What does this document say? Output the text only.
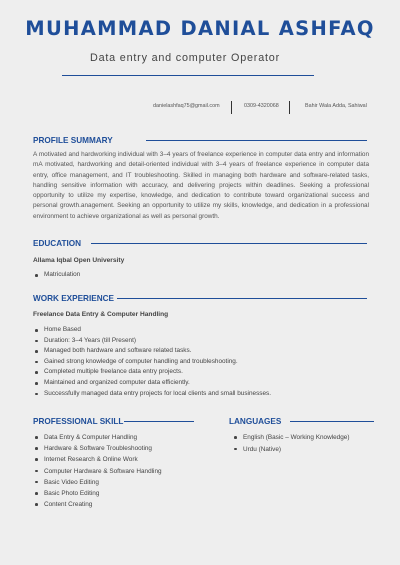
MUHAMMAD DANIAL ASHFAQ
Data entry and computer Operator
danielashfaq75@gmail.com	0309-4320068	Bahir Wala Adda, Sahiwal
PROFILE SUMMARY

A motivated and hardworking individual with 3–4 years of freelance experience in computer data entry and information mA motivated, hardworking and detail-oriented individual with 3–4 years of freelance experience in computer data entry, office management, and IT troubleshooting. Skilled in managing both hardware and software-related tasks, handling sensitive information with accuracy, and delivering projects within deadlines. Seeking a professional opportunity to utilize my expertise, knowledge, and dedication to contribute toward organizational success and personal growth.anagement. Seeking an opportunity to utilize my skills, knowledge, and dedication in a professional environment to achieve organizational as well as personal growth.

EDUCATION
Allama Iqbal Open University
Matriculation
WORK EXPERIENCE
Freelance Data Entry & Computer Handling
Home Based
Duration: 3–4 Years (till Present)
Managed both hardware and software related tasks.
Gained strong knowledge of computer handling and troubleshooting.
Completed multiple freelance data entry projects.
Maintained and organized computer data efficiently.
Successfully managed data entry projects for local clients and small businesses.
PROFESSIONAL SKILL
Data Entry & Computer Handling
Hardware & Software Troubleshooting
Internet Research & Online Work
Computer Hardware & Software Handling
Basic Video Editing
Basic Photo Editing
Content Creating
LANGUAGES
English (Basic – Working Knowledge)
Urdu (Native)
